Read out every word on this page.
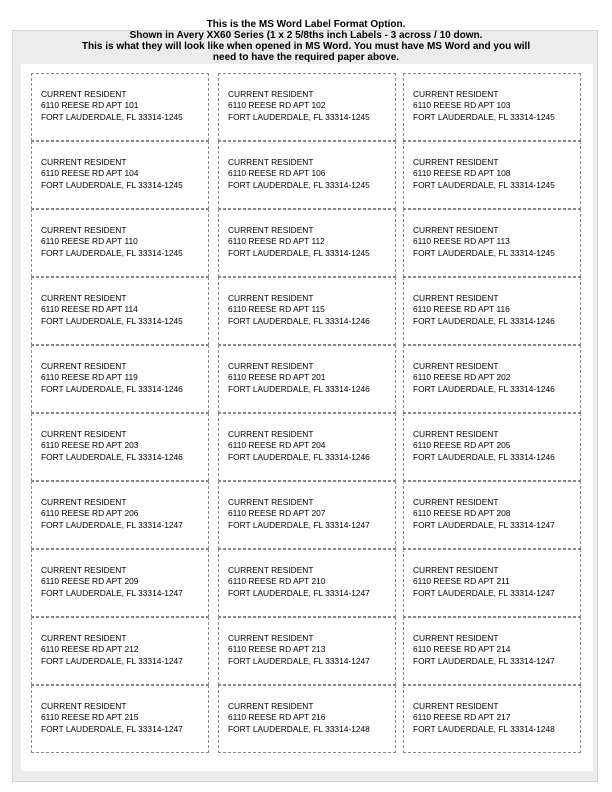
This is the MS Word Label Format Option.
Shown in Avery XX60 Series (1 x 2 5/8ths inch Labels - 3 across / 10 down.
This is what they will look like when opened in MS Word. You must have MS Word and you will
need to have the required paper above.
CURRENT RESIDENT
6110 REESE RD APT 101
FORT LAUDERDALE, FL 33314-1245
CURRENT RESIDENT
6110 REESE RD APT 102
FORT LAUDERDALE, FL 33314-1245
CURRENT RESIDENT
6110 REESE RD APT 103
FORT LAUDERDALE, FL 33314-1245
CURRENT RESIDENT
6110 REESE RD APT 104
FORT LAUDERDALE, FL 33314-1245
CURRENT RESIDENT
6110 REESE RD APT 106
FORT LAUDERDALE, FL 33314-1245
CURRENT RESIDENT
6110 REESE RD APT 108
FORT LAUDERDALE, FL 33314-1245
CURRENT RESIDENT
6110 REESE RD APT 110
FORT LAUDERDALE, FL 33314-1245
CURRENT RESIDENT
6110 REESE RD APT 112
FORT LAUDERDALE, FL 33314-1245
CURRENT RESIDENT
6110 REESE RD APT 113
FORT LAUDERDALE, FL 33314-1245
CURRENT RESIDENT
6110 REESE RD APT 114
FORT LAUDERDALE, FL 33314-1245
CURRENT RESIDENT
6110 REESE RD APT 115
FORT LAUDERDALE, FL 33314-1246
CURRENT RESIDENT
6110 REESE RD APT 116
FORT LAUDERDALE, FL 33314-1246
CURRENT RESIDENT
6110 REESE RD APT 119
FORT LAUDERDALE, FL 33314-1246
CURRENT RESIDENT
6110 REESE RD APT 201
FORT LAUDERDALE, FL 33314-1246
CURRENT RESIDENT
6110 REESE RD APT 202
FORT LAUDERDALE, FL 33314-1246
CURRENT RESIDENT
6110 REESE RD APT 203
FORT LAUDERDALE, FL 33314-1246
CURRENT RESIDENT
6110 REESE RD APT 204
FORT LAUDERDALE, FL 33314-1246
CURRENT RESIDENT
6110 REESE RD APT 205
FORT LAUDERDALE, FL 33314-1246
CURRENT RESIDENT
6110 REESE RD APT 206
FORT LAUDERDALE, FL 33314-1247
CURRENT RESIDENT
6110 REESE RD APT 207
FORT LAUDERDALE, FL 33314-1247
CURRENT RESIDENT
6110 REESE RD APT 208
FORT LAUDERDALE, FL 33314-1247
CURRENT RESIDENT
6110 REESE RD APT 209
FORT LAUDERDALE, FL 33314-1247
CURRENT RESIDENT
6110 REESE RD APT 210
FORT LAUDERDALE, FL 33314-1247
CURRENT RESIDENT
6110 REESE RD APT 211
FORT LAUDERDALE, FL 33314-1247
CURRENT RESIDENT
6110 REESE RD APT 212
FORT LAUDERDALE, FL 33314-1247
CURRENT RESIDENT
6110 REESE RD APT 213
FORT LAUDERDALE, FL 33314-1247
CURRENT RESIDENT
6110 REESE RD APT 214
FORT LAUDERDALE, FL 33314-1247
CURRENT RESIDENT
6110 REESE RD APT 215
FORT LAUDERDALE, FL 33314-1247
CURRENT RESIDENT
6110 REESE RD APT 216
FORT LAUDERDALE, FL 33314-1248
CURRENT RESIDENT
6110 REESE RD APT 217
FORT LAUDERDALE, FL 33314-1248
